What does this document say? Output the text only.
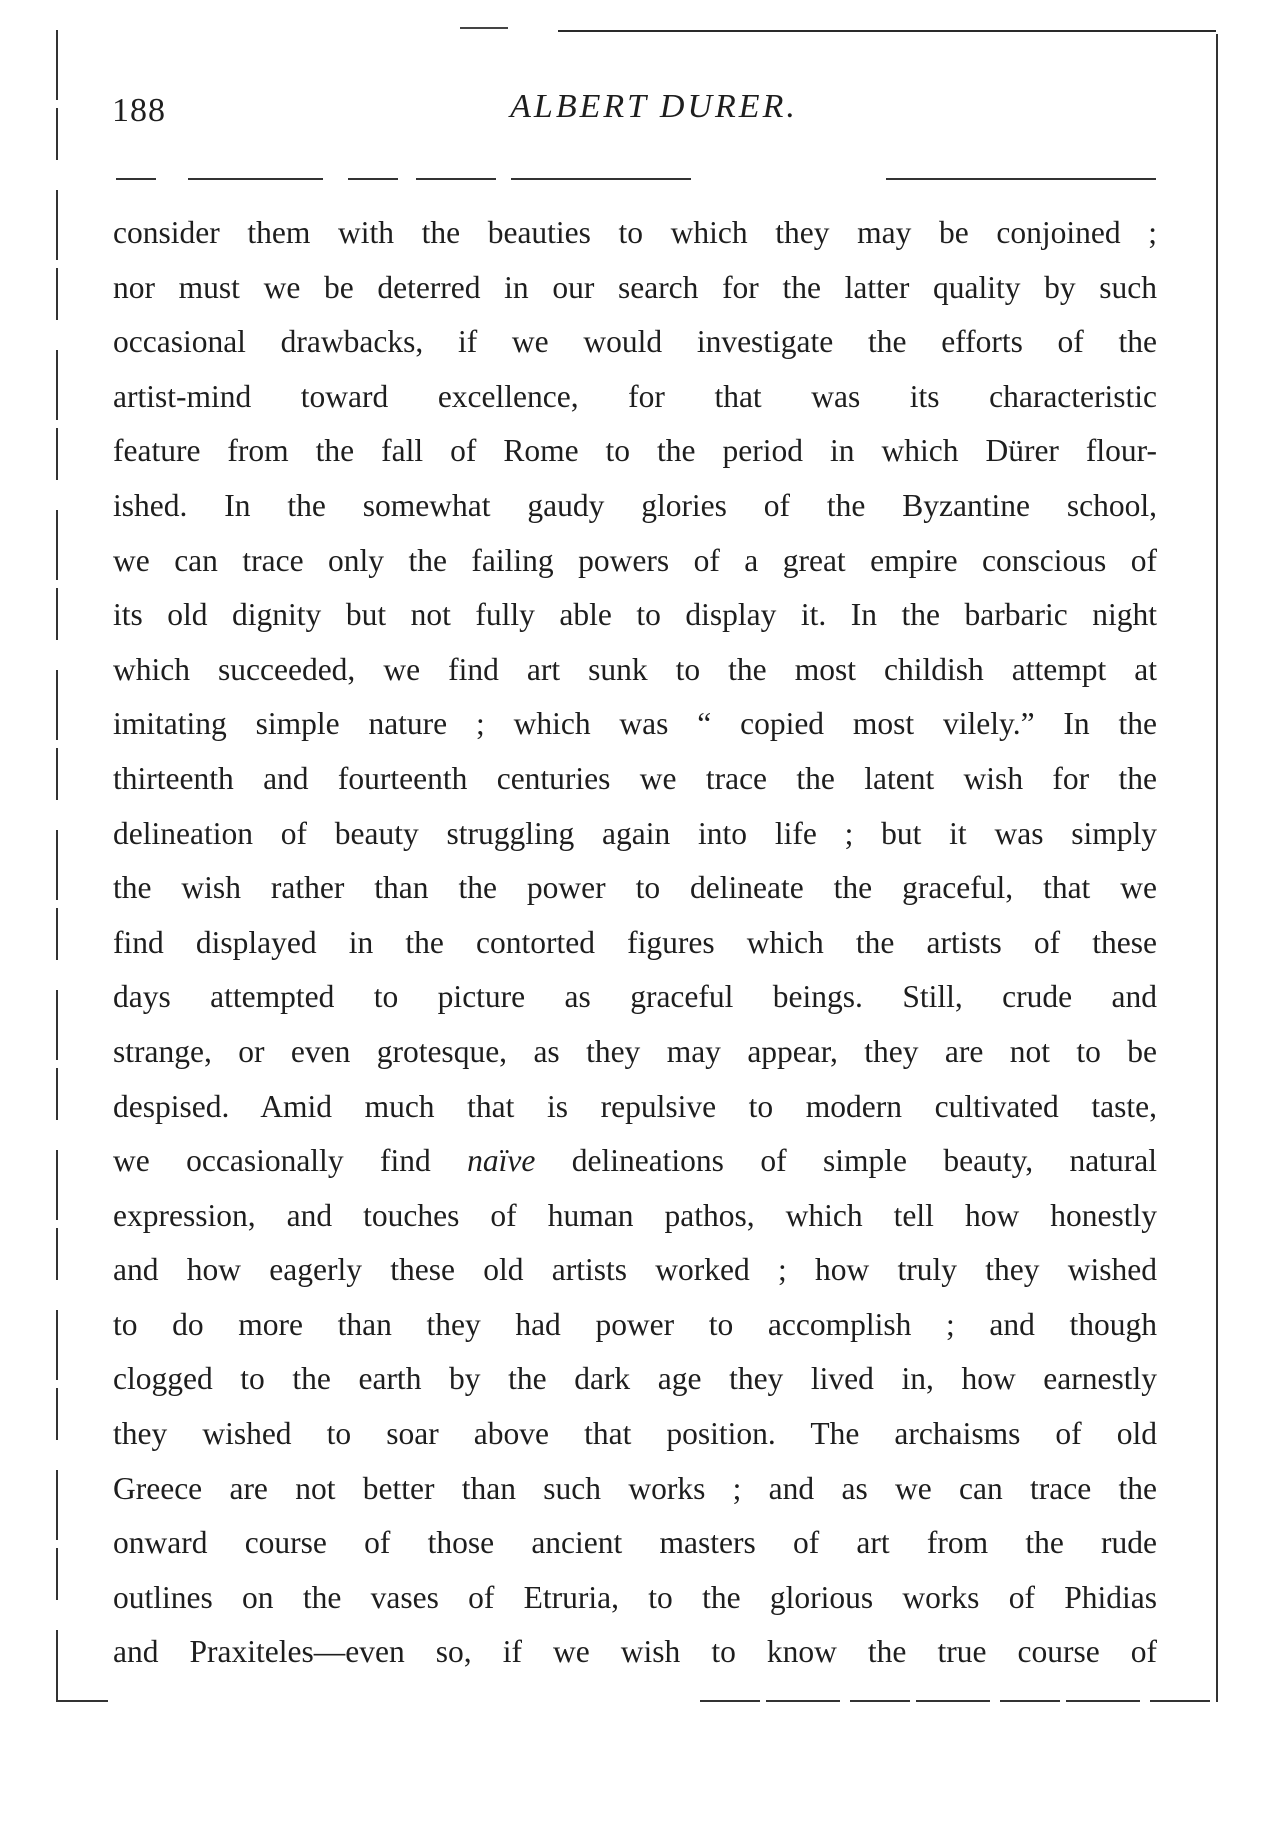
188	ALBERT DURER.
consider them with the beauties to which they may be conjoined ;
nor must we be deterred in our search for the latter quality by such
occasional drawbacks, if we would investigate the efforts of the
artist-mind toward excellence, for that was its characteristic
feature from the fall of Rome to the period in which Dürer flour-
ished. In the somewhat gaudy glories of the Byzantine school,
we can trace only the failing powers of a great empire conscious of
its old dignity but not fully able to display it. In the barbaric night
which succeeded, we find art sunk to the most childish attempt at
imitating simple nature ; which was “ copied most vilely.” In the
thirteenth and fourteenth centuries we trace the latent wish for the
delineation of beauty struggling again into life ; but it was simply
the wish rather than the power to delineate the graceful, that we
find displayed in the contorted figures which the artists of these
days attempted to picture as graceful beings. Still, crude and
strange, or even grotesque, as they may appear, they are not to be
despised. Amid much that is repulsive to modern cultivated taste,
we occasionally find naïve delineations of simple beauty, natural
expression, and touches of human pathos, which tell how honestly
and how eagerly these old artists worked ; how truly they wished
to do more than they had power to accomplish ; and though
clogged to the earth by the dark age they lived in, how earnestly
they wished to soar above that position. The archaisms of old
Greece are not better than such works ; and as we can trace the
onward course of those ancient masters of art from the rude
outlines on the vases of Etruria, to the glorious works of Phidias
and Praxiteles—even so, if we wish to know the true course of
